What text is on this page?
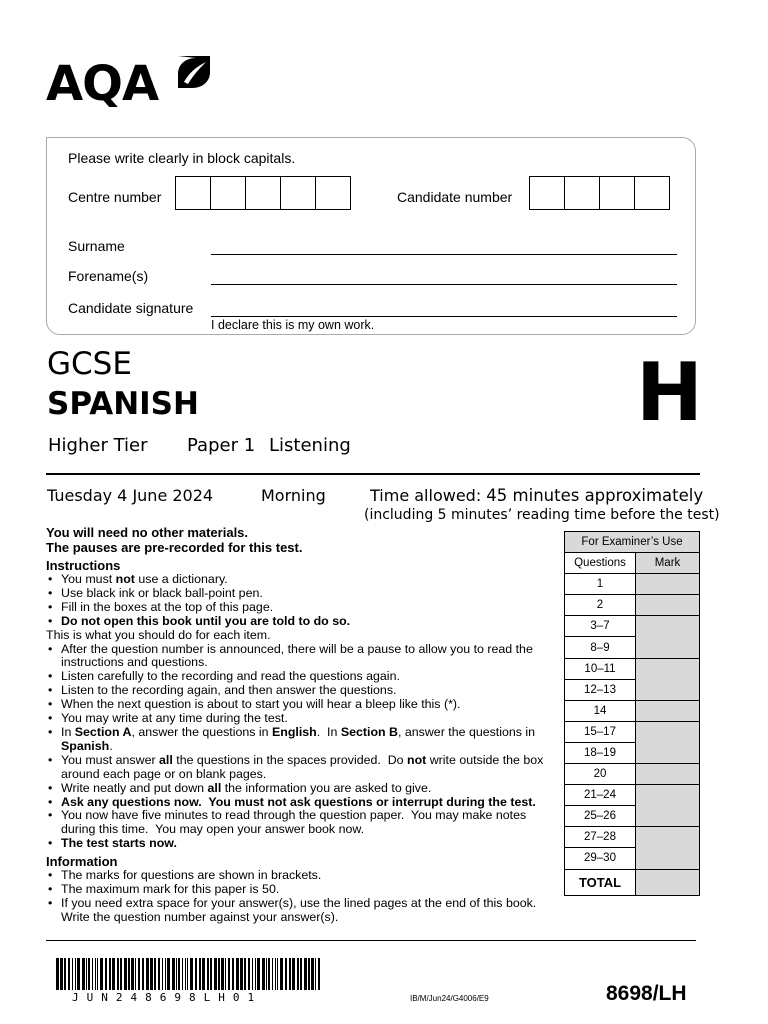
AQA
Please write clearly in block capitals.
Centre number	Candidate number
Surname
Forename(s)
Candidate signature
I declare this is my own work.
GCSE
SPANISH	H
Higher Tier Paper 1 Listening
Tuesday 4 June 2024	Morning	Time allowed: 45 minutes approximately
(including 5 minutes’ reading time before the test)
You will need no other materials.
The pauses are pre-recorded for this test.
Instructions
• You must not use a dictionary.
• Use black ink or black ball-point pen.
• Fill in the boxes at the top of this page.
• Do not open this book until you are told to do so.
This is what you should do for each item.
• After the question number is announced, there will be a pause to allow you to read the instructions and questions.
• Listen carefully to the recording and read the questions again.
• Listen to the recording again, and then answer the questions.
• When the next question is about to start you will hear a bleep like this (*).
• You may write at any time during the test.
• In Section A, answer the questions in English.  In Section B, answer the questions in Spanish.
• You must answer all the questions in the spaces provided.  Do not write outside the box around each page or on blank pages.
• Write neatly and put down all the information you are asked to give.
• Ask any questions now.  You must not ask questions or interrupt during the test.
• You now have five minutes to read through the question paper.  You may make notes during this time.  You may open your answer book now.
• The test starts now.
Information
• The marks for questions are shown in brackets.
• The maximum mark for this paper is 50.
• If you need extra space for your answer(s), use the lined pages at the end of this book. Write the question number against your answer(s).
For Examiner’s Use	
Questions	Mark
1	
2	
3–7	
8–9	
10–11	
12–13	
14	
15–17	
18–19	
20	
21–24	
25–26	
27–28	
29–30	
TOTAL	
JUN248698LH01	IB/M/Jun24/G4006/E9	8698/LH
